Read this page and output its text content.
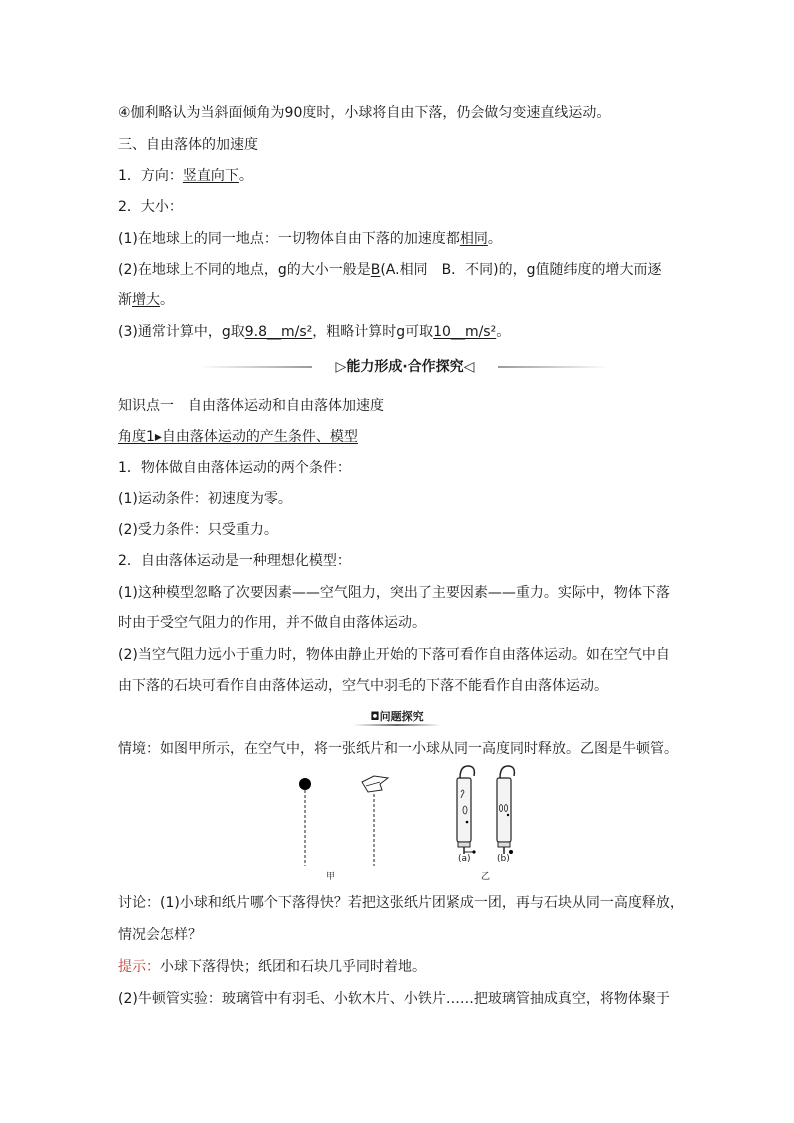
④伽利略认为当斜面倾角为90度时，小球将自由下落，仍会做匀变速直线运动。
三、自由落体的加速度
1．方向：竖直向下。
2．大小：
(1)在地球上的同一地点：一切物体自由下落的加速度都相同。
(2)在地球上不同的地点，g的大小一般是B(A.相同　B．不同)的，g值随纬度的增大而逐
渐增大。
(3)通常计算中，g取9.8__m/s²，粗略计算时g可取10__m/s²。
▷能力形成·合作探究◁
知识点一　自由落体运动和自由落体加速度
角度1▸自由落体运动的产生条件、模型
1．物体做自由落体运动的两个条件：
(1)运动条件：初速度为零。
(2)受力条件：只受重力。
2．自由落体运动是一种理想化模型：
(1)这种模型忽略了次要因素——空气阻力，突出了主要因素——重力。实际中，物体下落
时由于受空气阻力的作用，并不做自由落体运动。
(2)当空气阻力远小于重力时，物体由静止开始的下落可看作自由落体运动。如在空气中自
由下落的石块可看作自由落体运动，空气中羽毛的下落不能看作自由落体运动。
◘问题探究
情境：如图甲所示，在空气中，将一张纸片和一小球从同一高度同时释放。乙图是牛顿管。
(a)	(b)
甲	乙
讨论：(1)小球和纸片哪个下落得快？若把这张纸片团紧成一团，再与石块从同一高度释放，
情况会怎样？
提示：小球下落得快；纸团和石块几乎同时着地。
(2)牛顿管实验：玻璃管中有羽毛、小软木片、小铁片……把玻璃管抽成真空，将物体聚于
